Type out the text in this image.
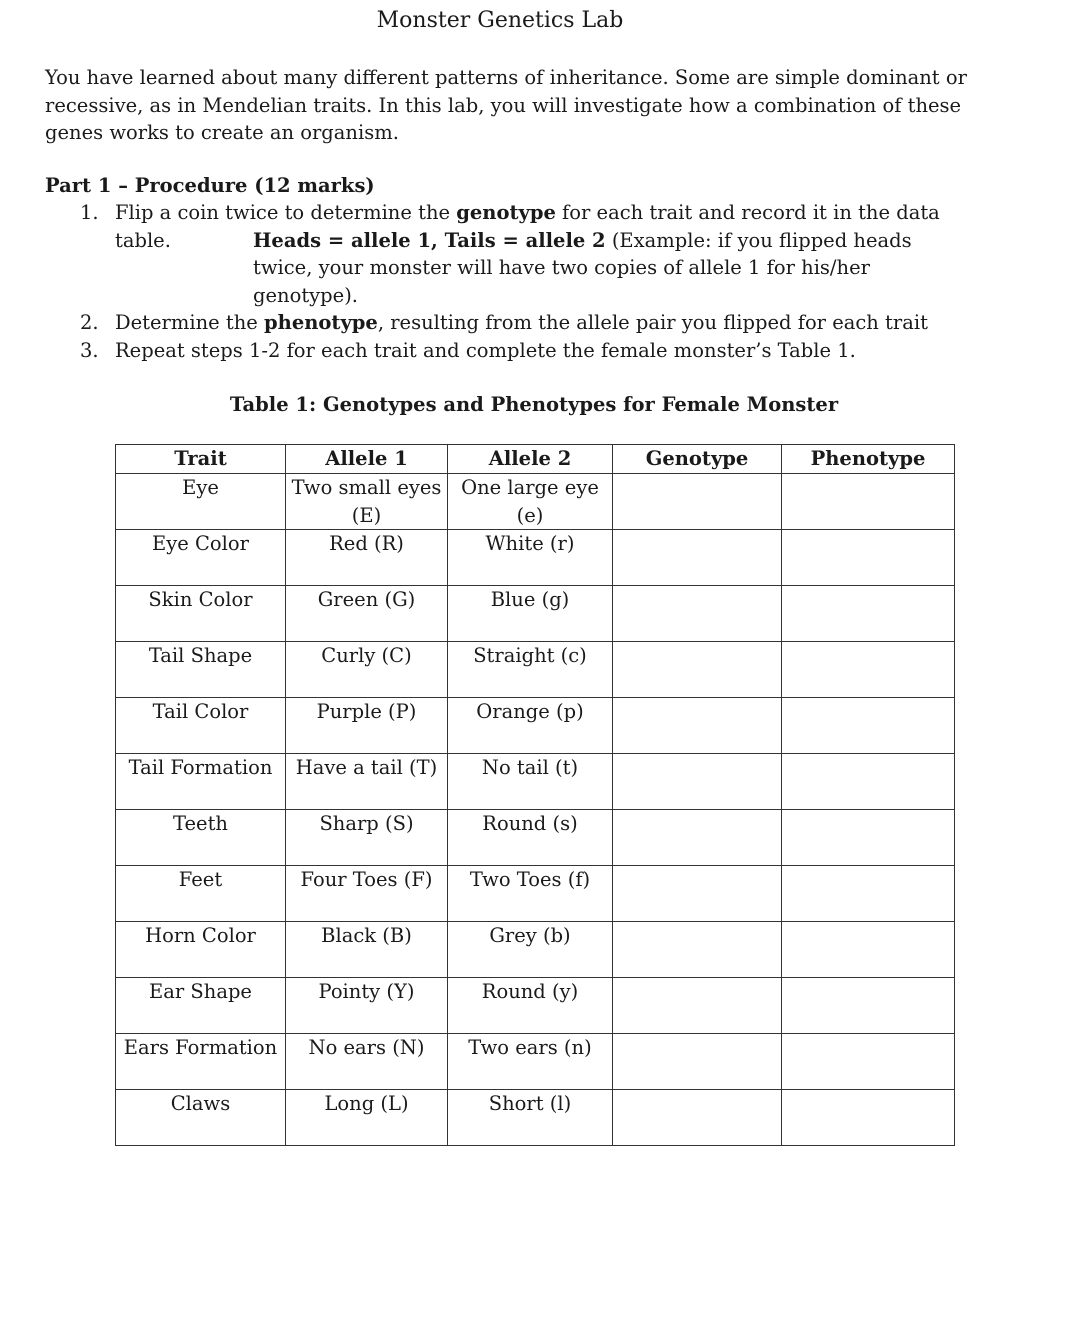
Monster Genetics Lab
You have learned about many different patterns of inheritance. Some are simple dominant or recessive, as in Mendelian traits. In this lab, you will investigate how a combination of these genes works to create an organism.
Part 1 – Procedure (12 marks)
1. Flip a coin twice to determine the genotype for each trait and record it in the data
table.	Heads = allele 1, Tails = allele 2 (Example: if you flipped heads twice, your monster will have two copies of allele 1 for his/her genotype).
2. Determine the phenotype, resulting from the allele pair you flipped for each trait
3. Repeat steps 1-2 for each trait and complete the female monster’s Table 1.
Table 1: Genotypes and Phenotypes for Female Monster
Trait	Allele 1	Allele 2	Genotype	Phenotype
Eye	Two small eyes (E)	One large eye (e)		
Eye Color	Red (R)	White (r)		
Skin Color	Green (G)	Blue (g)		
Tail Shape	Curly (C)	Straight (c)		
Tail Color	Purple (P)	Orange (p)		
Tail Formation	Have a tail (T)	No tail (t)		
Teeth	Sharp (S)	Round (s)		
Feet	Four Toes (F)	Two Toes (f)		
Horn Color	Black (B)	Grey (b)		
Ear Shape	Pointy (Y)	Round (y)		
Ears Formation	No ears (N)	Two ears (n)		
Claws	Long (L)	Short (l)		
